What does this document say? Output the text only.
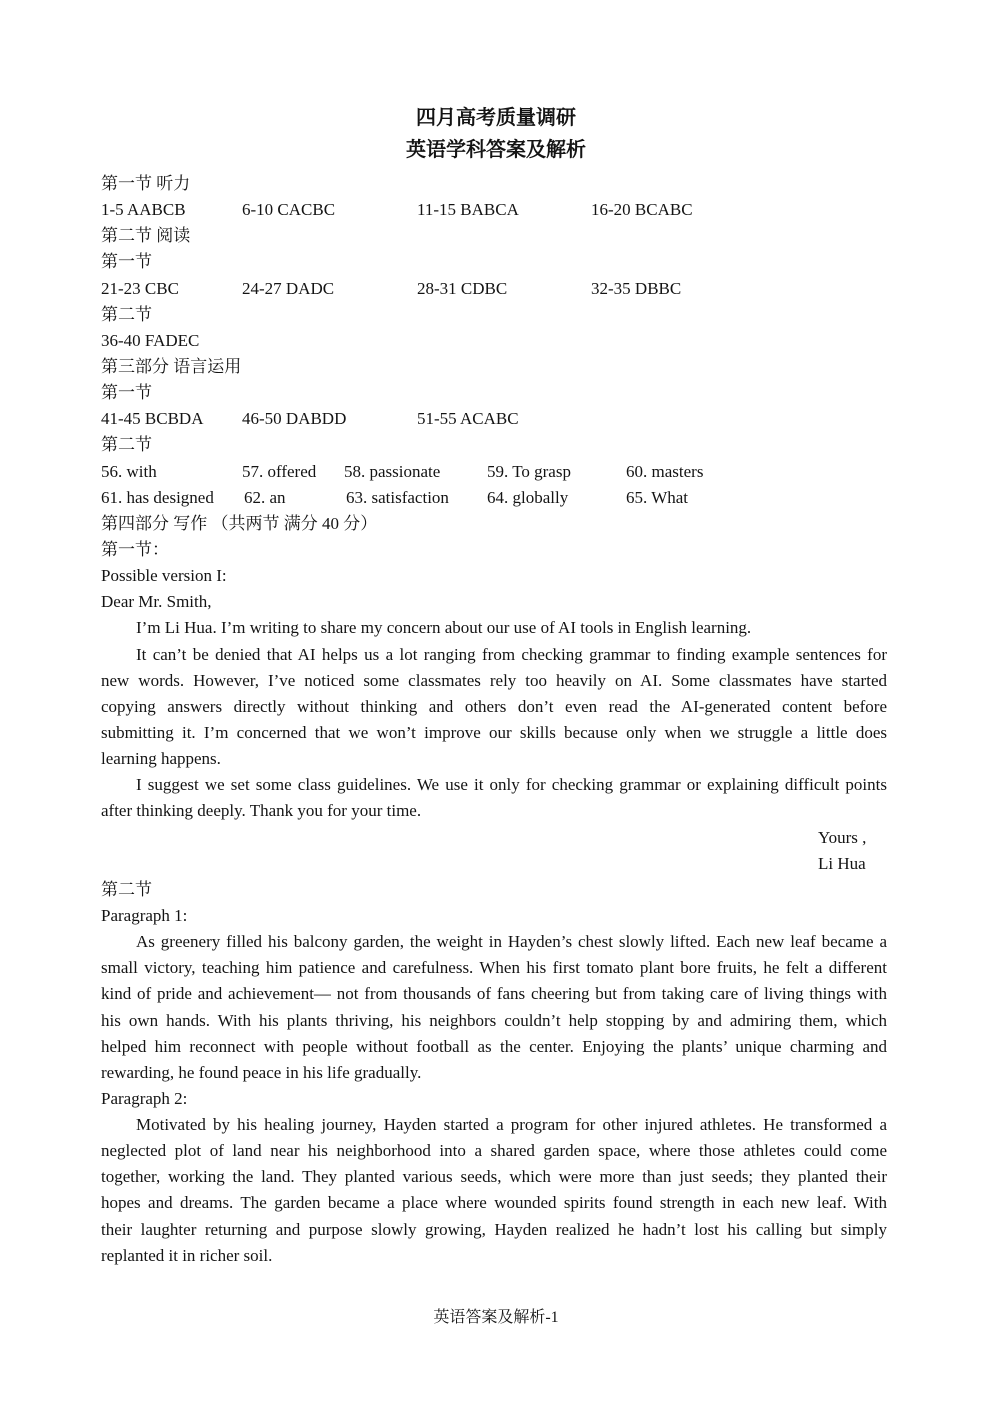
四月高考质量调研
英语学科答案及解析
第一节 听力
1-5 AABCB	6-10 CACBC	11-15 BABCA	16-20 BCABC
第二节 阅读
第一节
21-23 CBC	24-27 DADC	28-31 CDBC	32-35 DBBC
第二节
36-40 FADEC
第三部分 语言运用
第一节
41-45 BCBDA 46-50 DABDD	51-55 ACABC
第二节
56. with	57. offered 58. passionate	59. To grasp	60. masters
61. has designed 62. an	63. satisfaction 64. globally	65. What
第四部分 写作 （共两节 满分 40 分）
第一节：
Possible version I:
Dear Mr. Smith,
I’m Li Hua. I’m writing to share my concern about our use of AI tools in English learning.
It can’t be denied that AI helps us a lot ranging from checking grammar to finding example sentences for
new words. However, I’ve noticed some classmates rely too heavily on AI. Some classmates have started
copying answers directly without thinking and others don’t even read the AI-generated content before
submitting it. I’m concerned that we won’t improve our skills because only when we struggle a little does
learning happens.
I suggest we set some class guidelines. We use it only for checking grammar or explaining difficult points
after thinking deeply. Thank you for your time.
Yours ,
Li Hua
第二节
Paragraph 1:
As greenery filled his balcony garden, the weight in Hayden’s chest slowly lifted. Each new leaf became a
small victory, teaching him patience and carefulness. When his first tomato plant bore fruits, he felt a different
kind of pride and achievement— not from thousands of fans cheering but from taking care of living things with
his own hands. With his plants thriving, his neighbors couldn’t help stopping by and admiring them, which
helped him reconnect with people without football as the center. Enjoying the plants’ unique charming and
rewarding, he found peace in his life gradually.
Paragraph 2:
Motivated by his healing journey, Hayden started a program for other injured athletes. He transformed a
neglected plot of land near his neighborhood into a shared garden space, where those athletes could come
together, working the land. They planted various seeds, which were more than just seeds; they planted their
hopes and dreams. The garden became a place where wounded spirits found strength in each new leaf. With
their laughter returning and purpose slowly growing, Hayden realized he hadn’t lost his calling but simply
replanted it in richer soil.
英语答案及解析-1
